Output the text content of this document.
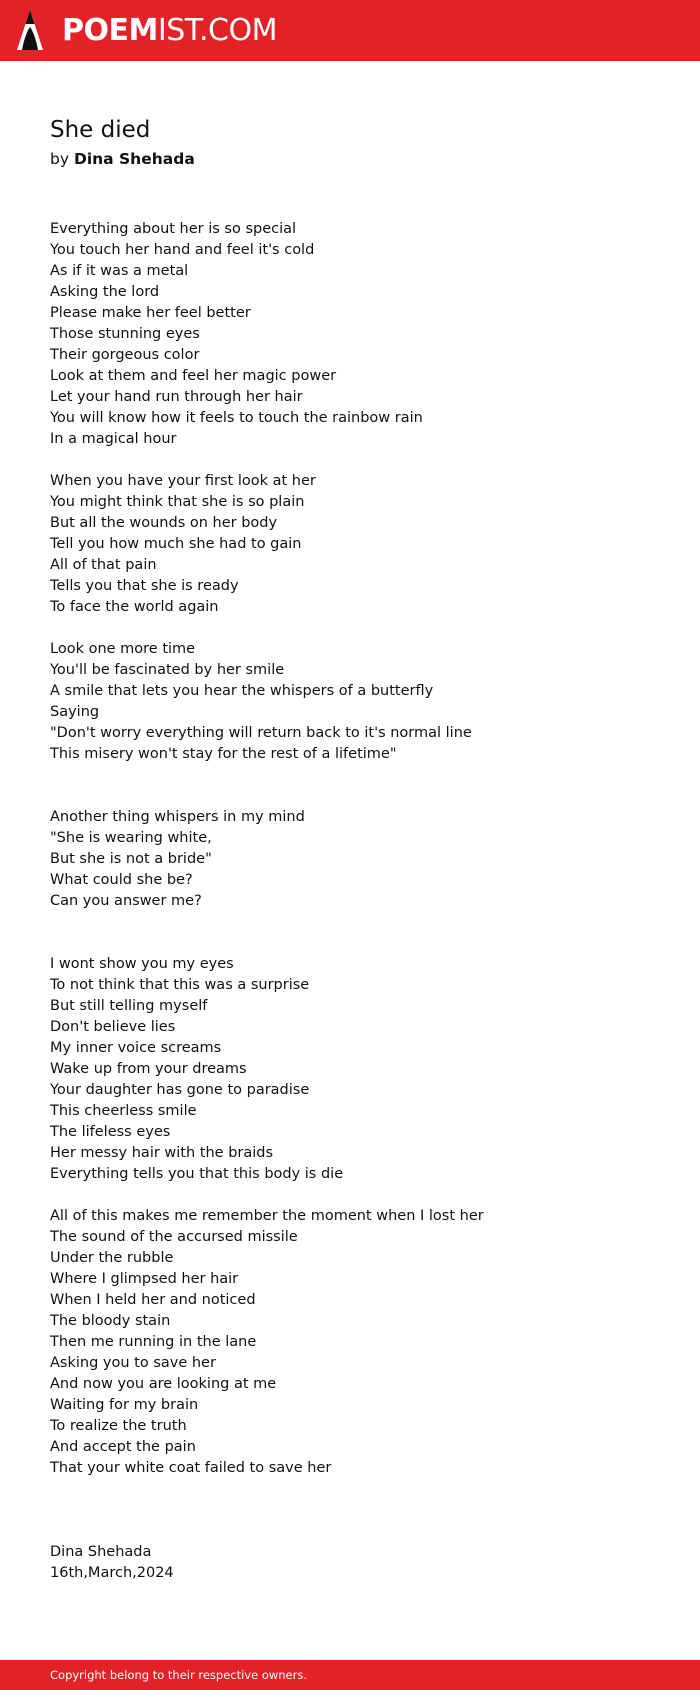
POEMIST.COM
She died
by Dina Shehada
Everything about her is so special
You touch her hand and feel it's cold
As if it was a metal
Asking the lord
Please make her feel better
Those stunning eyes
Their gorgeous color
Look at them and feel her magic power
Let your hand run through her hair
You will know how it feels to touch the rainbow rain
In a magical hour
When you have your first look at her
You might think that she is so plain
But all the wounds on her body
Tell you how much she had to gain
All of that pain
Tells you that she is ready
To face the world again
Look one more time
You'll be fascinated by her smile
A smile that lets you hear the whispers of a butterfly
Saying
"Don't worry everything will return back to it's normal line
This misery won't stay for the rest of a lifetime"
Another thing whispers in my mind
"She is wearing white,
But she is not a bride"
What could she be?
Can you answer me?
I wont show you my eyes
To not think that this was a surprise
But still telling myself
Don't believe lies
My inner voice screams
Wake up from your dreams
Your daughter has gone to paradise
This cheerless smile
The lifeless eyes
Her messy hair with the braids
Everything tells you that this body is die
All of this makes me remember the moment when I lost her
The sound of the accursed missile
Under the rubble
Where I glimpsed her hair
When I held her and noticed
The bloody stain
Then me running in the lane
Asking you to save her
And now you are looking at me
Waiting for my brain
To realize the truth
And accept the pain
That your white coat failed to save her
Dina Shehada
16th,March,2024
Copyright belong to their respective owners.
